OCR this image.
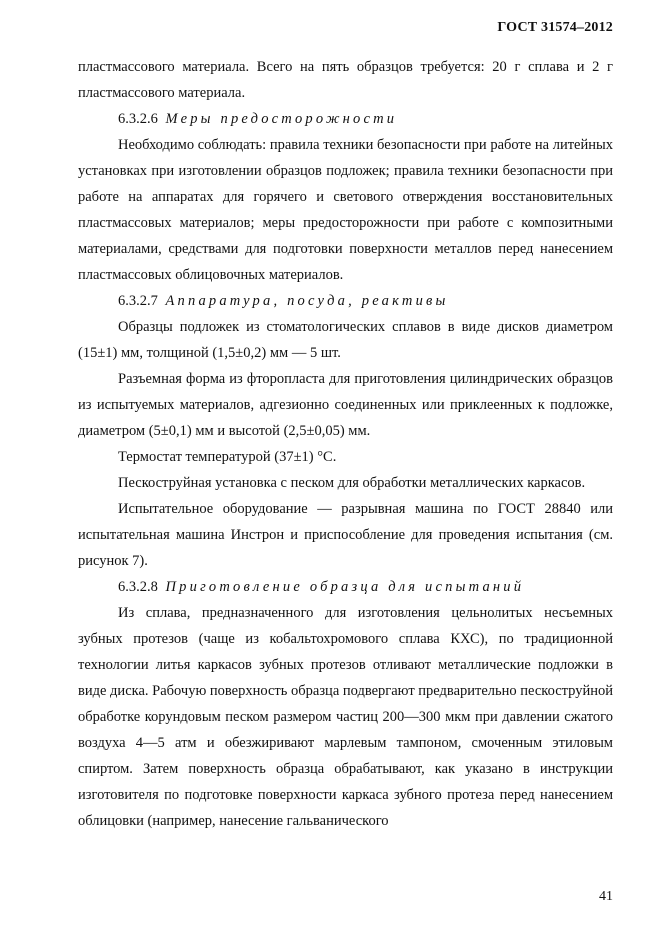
ГОСТ 31574–2012

пластмассового материала. Всего на пять образцов требуется: 20 г сплава и 2 г пластмассового материала.

6.3.2.6 Меры предосторожности

Необходимо соблюдать: правила техники безопасности при работе на литейных установках при изготовлении образцов подложек; правила техники безопасности при работе на аппаратах для горячего и светового отверждения восстановительных пластмассовых материалов; меры предосторожности при работе с композитными материалами, средствами для подготовки поверхности металлов перед нанесением пластмассовых облицовочных материалов.

6.3.2.7 Аппаратура, посуда, реактивы

Образцы подложек из стоматологических сплавов в виде дисков диаметром (15±1) мм, толщиной (1,5±0,2) мм — 5 шт.

Разъемная форма из фторопласта для приготовления цилиндрических образцов из испытуемых материалов, адгезионно соединенных или приклеенных к подложке, диаметром (5±0,1) мм и высотой (2,5±0,05) мм.

Термостат температурой (37±1) °С.

Пескоструйная установка с песком для обработки металлических каркасов.

Испытательное оборудование — разрывная машина по ГОСТ 28840 или испытательная машина Инстрон и приспособление для проведения испытания (см. рисунок 7).

6.3.2.8 Приготовление образца для испытаний

Из сплава, предназначенного для изготовления цельнолитых несъемных зубных протезов (чаще из кобальтохромового сплава КХС), по традиционной технологии литья каркасов зубных протезов отливают металлические подложки в виде диска. Рабочую поверхность образца подвергают предварительно пескоструйной обработке корундовым песком размером частиц 200—300 мкм при давлении сжатого воздуха 4—5 атм и обезжиривают марлевым тампоном, смоченным этиловым спиртом. Затем поверхность образца обрабатывают, как указано в инструкции изготовителя по подготовке поверхности каркаса зубного протеза перед нанесением облицовки (например, нанесение гальванического

41
